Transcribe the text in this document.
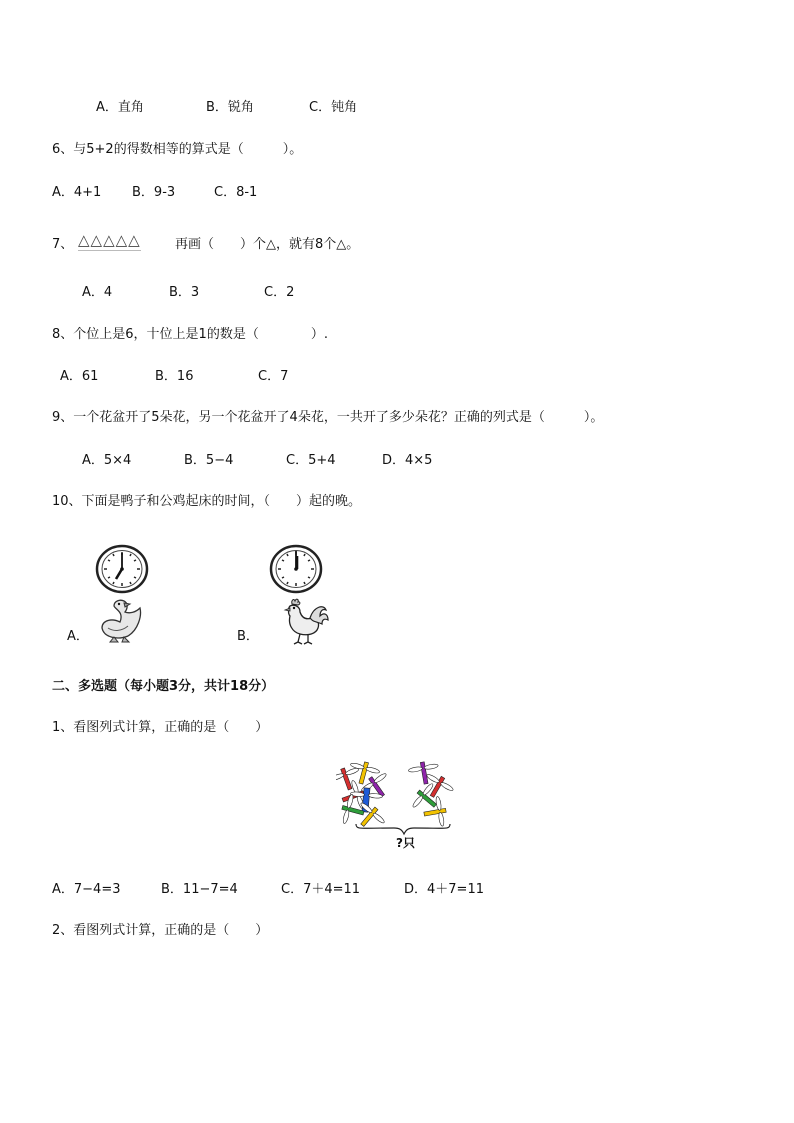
A．直角	B．锐角	C．钝角
6、与5+2的得数相等的算式是（　　　）。
A．4+1 B．9-3	C．8-1
7、 △△△△△	再画（　　）个△，就有8个△。
A．4	B．3	C．2
8、个位上是6，十位上是1的数是（　　　　）.
A．61	B．16	C．7
9、一个花盆开了5朵花，另一个花盆开了4朵花，一共开了多少朵花？正确的列式是（　　　）。
A．5×4	B．5−4	C．5+4	D．4×5
10、下面是鸭子和公鸡起床的时间，（　　）起的晚。
A．	B．
二、多选题（每小题3分，共计18分）
1、看图列式计算，正确的是（　　）
?只
A．7−4=3	B．11−7=4	C．7＋4=11	D．4＋7=11
2、看图列式计算，正确的是（　　）
